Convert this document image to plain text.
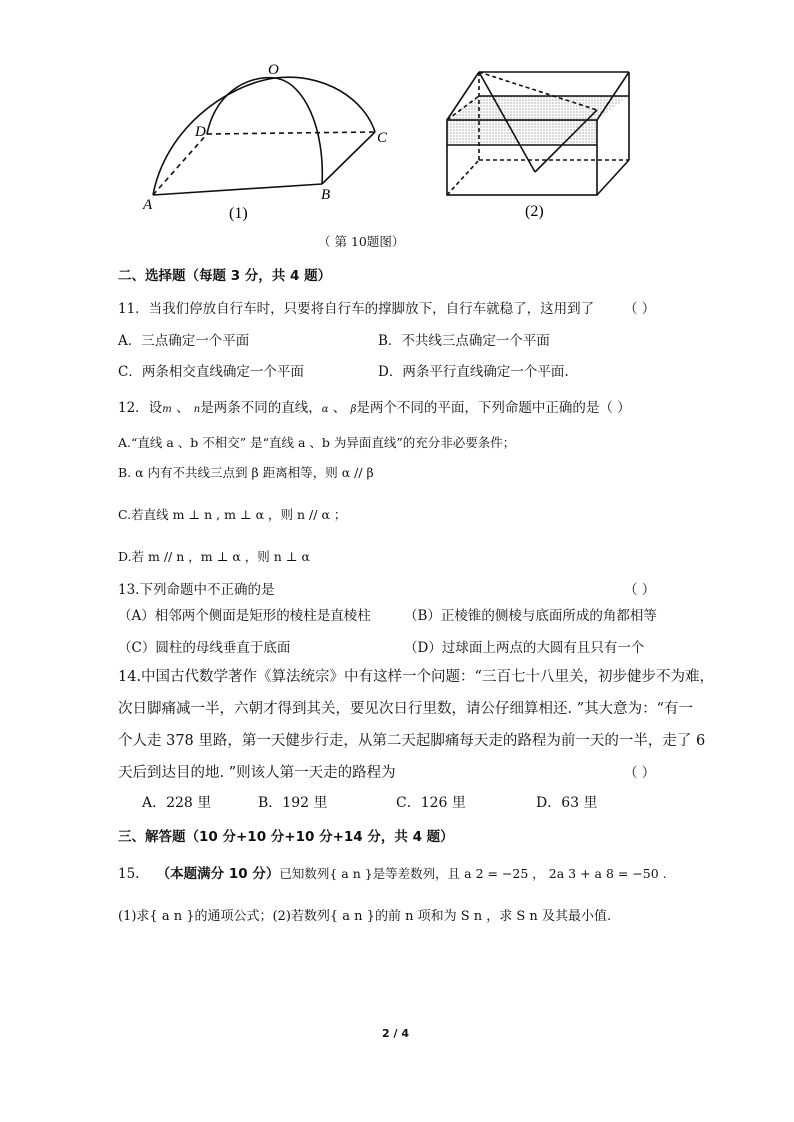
O
D	C
A
B
(1)	(2)
（ 第 10题图）
二、选择题（每题 3 分，共 4 题）
11．当我们停放自行车时，只要将自行车的撑脚放下，自行车就稳了，这用到了 （ ）
A．三点确定一个平面	B．不共线三点确定一个平面
C．两条相交直线确定一个平面	D．两条平行直线确定一个平面.
12．设m 、 n是两条不同的直线，α 、 β是两个不同的平面，下列命题中正确的是（ ）
A.“直线 a 、b 不相交” 是“直线 a 、b 为异面直线”的充分非必要条件；
B. α 内有不共线三点到 β 距离相等，则 α // β
C.若直线 m ⊥ n , m ⊥ α ，则 n // α ；
D.若 m // n ，m ⊥ α ，则 n ⊥ α
13.下列命题中不正确的是	（ ）
（A）相邻两个侧面是矩形的棱柱是直棱柱 （B）正棱锥的侧棱与底面所成的角都相等
（C）圆柱的母线垂直于底面	（D）过球面上两点的大圆有且只有一个
14.中国古代数学著作《算法统宗》中有这样一个问题：“三百七十八里关，初步健步不为难，
次日脚痛减一半，六朝才得到其关，要见次日行里数，请公仔细算相还. ”其大意为：“有一
个人走 378 里路，第一天健步行走，从第二天起脚痛每天走的路程为前一天的一半，走了 6
天后到达目的地. ”则该人第一天走的路程为	（ ）
A．228 里	B．192 里	C．126 里	D．63 里
三、解答题（10 分+10 分+10 分+14 分，共 4 题）
15. （本题满分 10 分）已知数列{ a n }是等差数列，且 a 2 = −25 ， 2a 3 + a 8 = −50 .
(1)求{ a n }的通项公式；(2)若数列{ a n }的前 n 项和为 S n ，求 S n 及其最小值.
2 / 4
